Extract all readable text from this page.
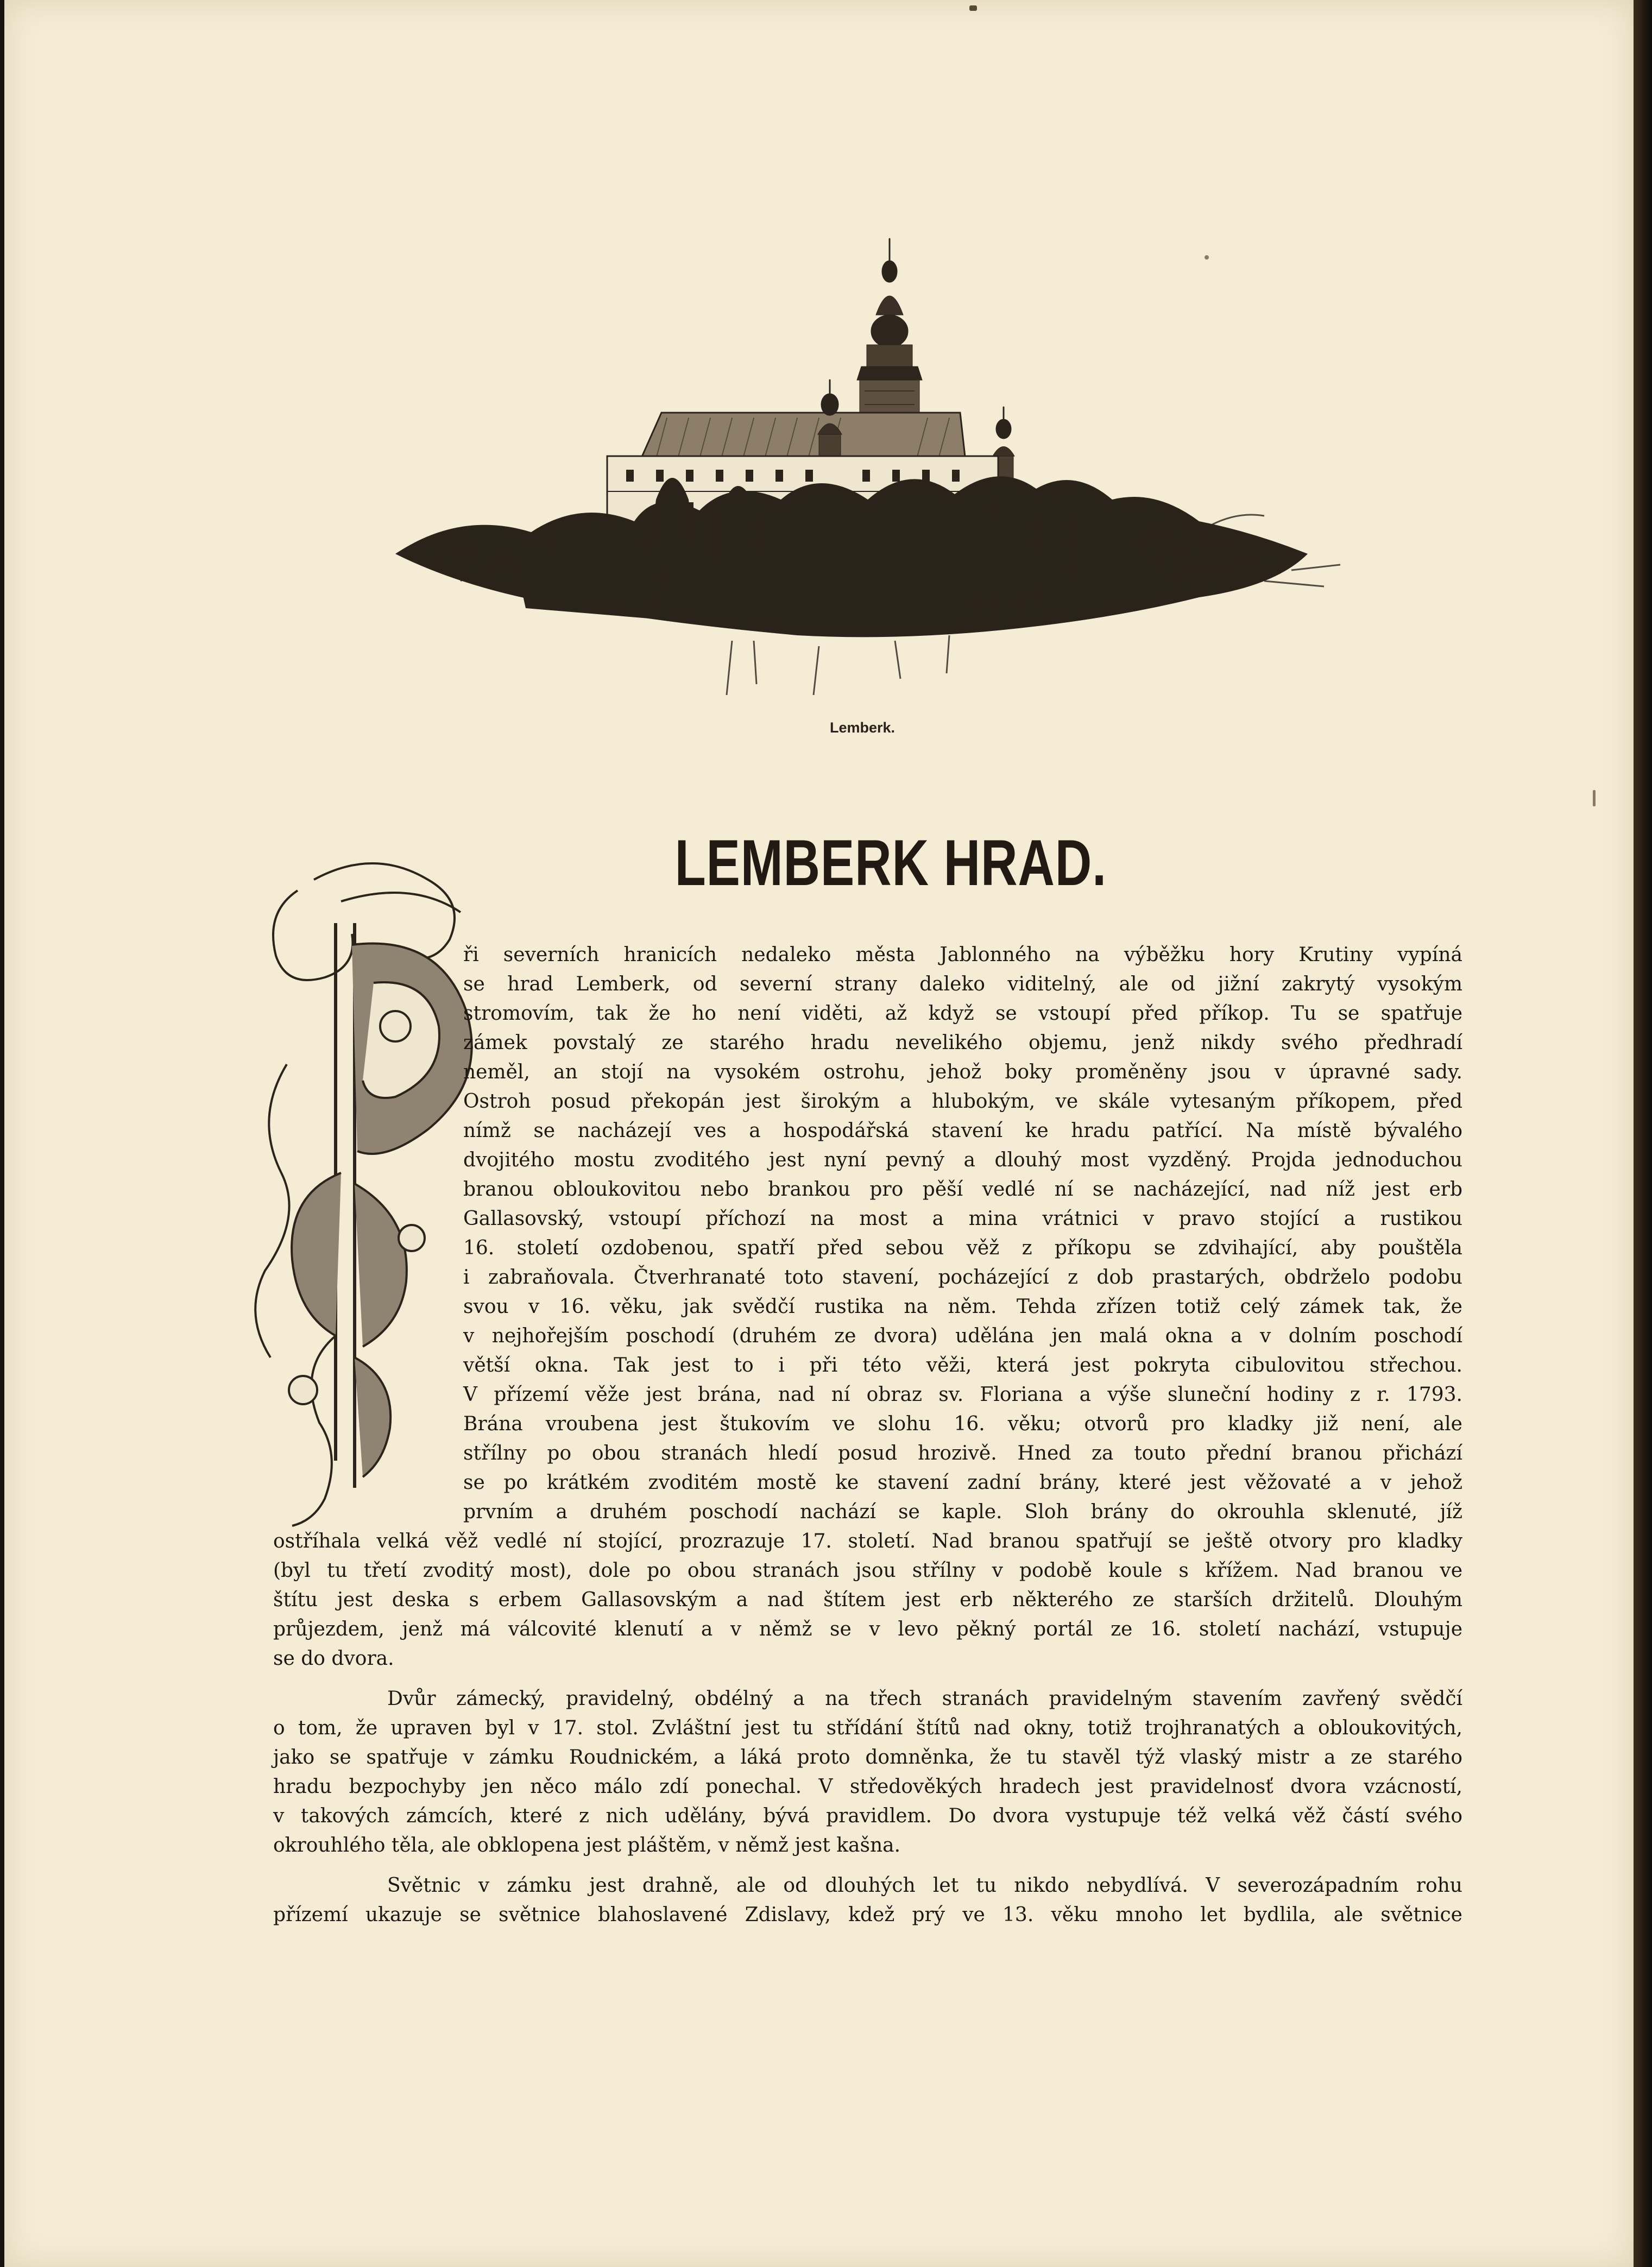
Lemberk.
LEMBERK HRAD.
ři severních hranicích nedaleko města Jablonného na výběžku hory Krutiny vypíná
se hrad Lemberk, od severní strany daleko viditelný, ale od jižní zakrytý vysokým
stromovím, tak že ho není viděti, až když se vstoupí před příkop. Tu se spatřuje
zámek povstalý ze starého hradu nevelikého objemu, jenž nikdy svého předhradí
neměl, an stojí na vysokém ostrohu, jehož boky proměněny jsou v úpravné sady.
Ostroh posud překopán jest širokým a hlubokým, ve skále vytesaným příkopem, před
nímž se nacházejí ves a hospodářská stavení ke hradu patřící. Na místě bývalého
dvojitého mostu zvoditého jest nyní pevný a dlouhý most vyzděný. Projda jednoduchou
branou obloukovitou nebo brankou pro pěší vedlé ní se nacházející, nad níž jest erb
Gallasovský, vstoupí příchozí na most a mina vrátnici v pravo stojící a rustikou
16. století ozdobenou, spatří před sebou věž z příkopu se zdvihající, aby pouštěla
i zabraňovala. Čtverhranaté toto stavení, pocházející z dob prastarých, obdrželo podobu
svou v 16. věku, jak svědčí rustika na něm. Tehda zřízen totiž celý zámek tak, že
v nejhořejším poschodí (druhém ze dvora) udělána jen malá okna a v dolním poschodí
větší okna. Tak jest to i při této věži, která jest pokryta cibulovitou střechou.
V přízemí věže jest brána, nad ní obraz sv. Floriana a výše sluneční hodiny z r. 1793.
Brána vroubena jest štukovím ve slohu 16. věku; otvorů pro kladky již není, ale
střílny po obou stranách hledí posud hrozivě. Hned za touto přední branou přichází
se po krátkém zvoditém mostě ke stavení zadní brány, které jest věžovaté a v jehož
prvním a druhém poschodí nachází se kaple. Sloh brány do okrouhla sklenuté, jíž
ostříhala velká věž vedlé ní stojící, prozrazuje 17. století. Nad branou spatřují se ještě otvory pro kladky
(byl tu třetí zvoditý most), dole po obou stranách jsou střílny v podobě koule s křížem. Nad branou ve
štítu jest deska s erbem Gallasovským a nad štítem jest erb některého ze starších držitelů. Dlouhým
průjezdem, jenž má válcovité klenutí a v němž se v levo pěkný portál ze 16. století nachází, vstupuje
se do dvora.
Dvůr zámecký, pravidelný, obdélný a na třech stranách pravidelným stavením zavřený svědčí
o tom, že upraven byl v 17. stol. Zvláštní jest tu střídání štítů nad okny, totiž trojhranatých a obloukovitých,
jako se spatřuje v zámku Roudnickém, a láká proto domněnka, že tu stavěl týž vlaský mistr a ze starého
hradu bezpochyby jen něco málo zdí ponechal. V středověkých hradech jest pravidelnosť dvora vzácností,
v takových zámcích, které z nich udělány, bývá pravidlem. Do dvora vystupuje též velká věž částí svého
okrouhlého těla, ale obklopena jest pláštěm, v němž jest kašna.
Světnic v zámku jest drahně, ale od dlouhých let tu nikdo nebydlívá. V severozápadním rohu
přízemí ukazuje se světnice blahoslavené Zdislavy, kdež prý ve 13. věku mnoho let bydlila, ale světnice
